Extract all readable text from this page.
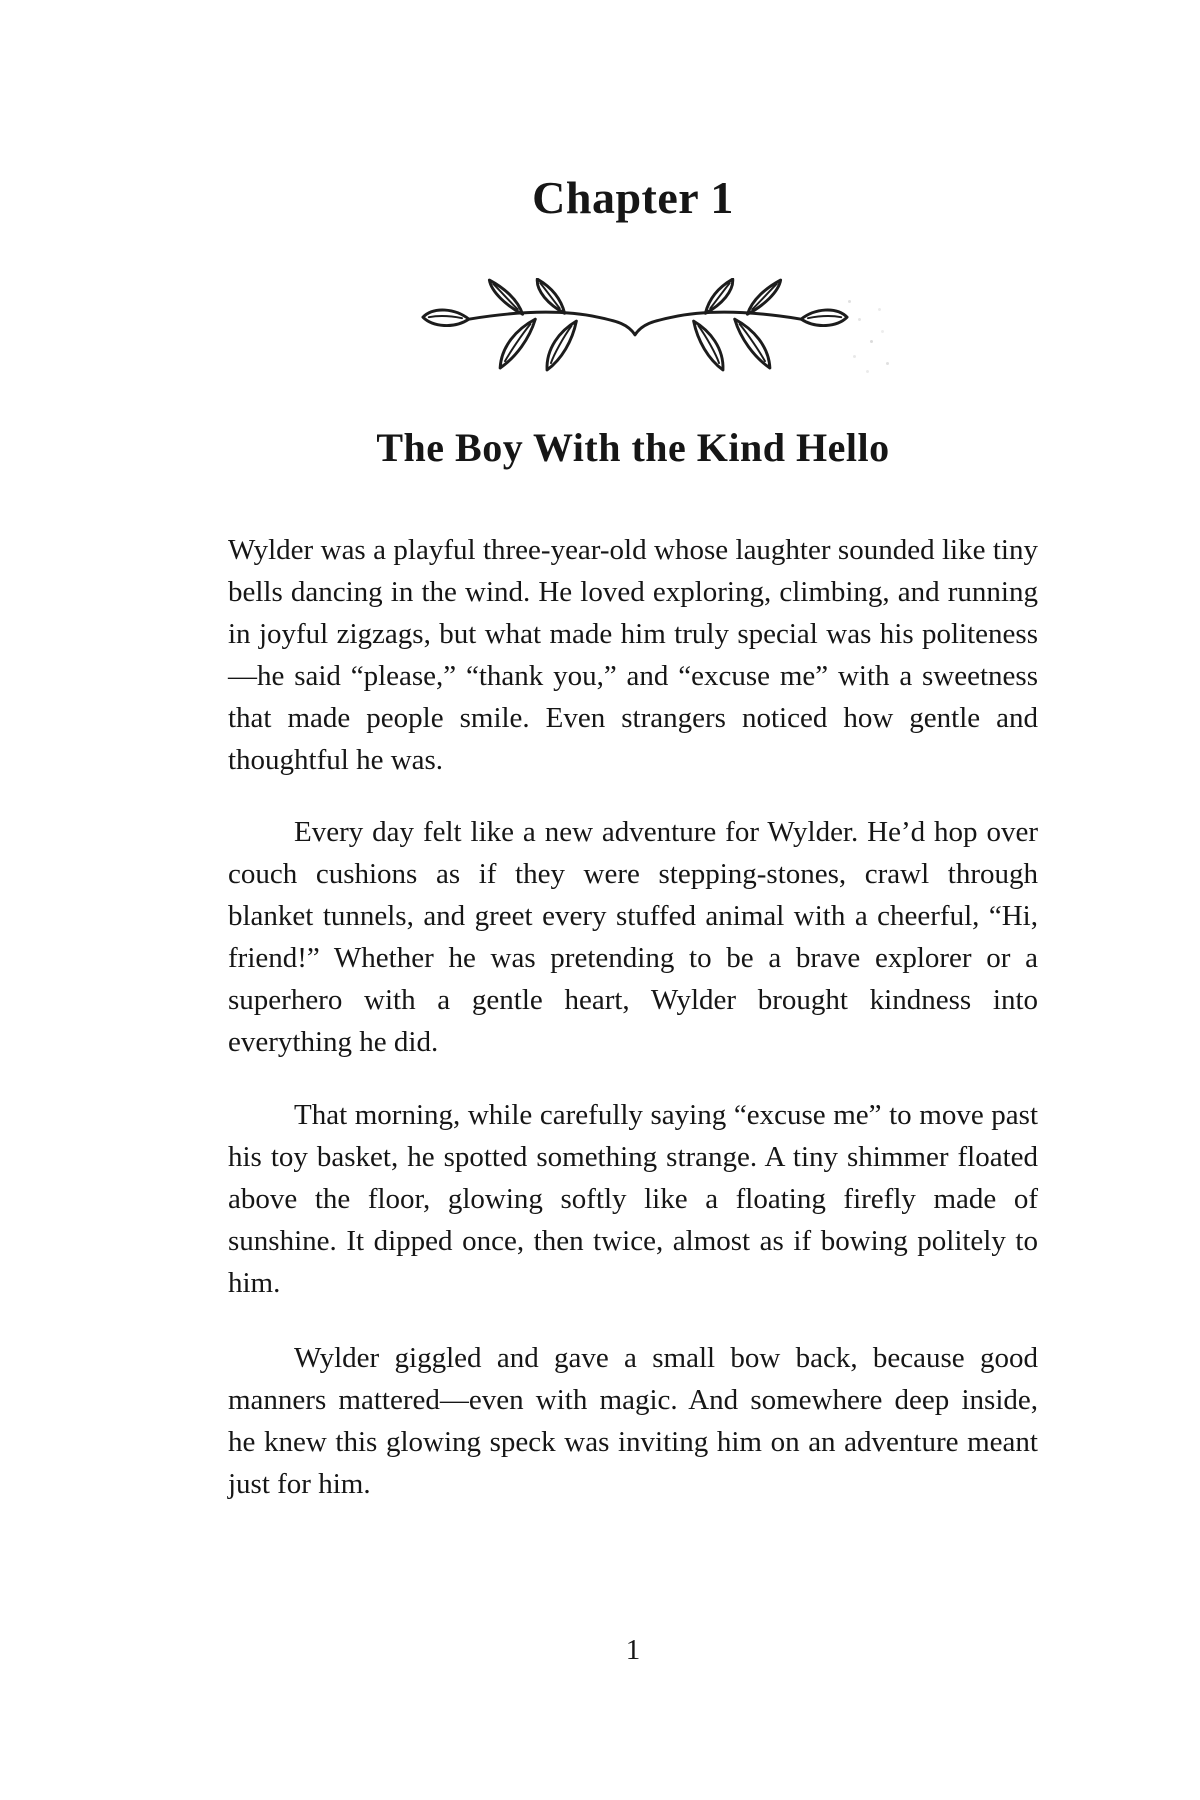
Chapter 1
The Boy With the Kind Hello

Wylder was a playful three-year-old whose laughter sounded like tiny bells dancing in the wind. He loved exploring, climbing, and running in joyful zigzags, but what made him truly special was his politeness—he said “please,” “thank you,” and “excuse me” with a sweetness that made people smile. Even strangers noticed how gentle and thoughtful he was.

Every day felt like a new adventure for Wylder. He’d hop over couch cushions as if they were stepping-stones, crawl through blanket tunnels, and greet every stuffed animal with a cheerful, “Hi, friend!” Whether he was pretending to be a brave explorer or a superhero with a gentle heart, Wylder brought kindness into everything he did.

That morning, while carefully saying “excuse me” to move past his toy basket, he spotted something strange. A tiny shimmer floated above the floor, glowing softly like a floating firefly made of sunshine. It dipped once, then twice, almost as if bowing politely to him.

Wylder giggled and gave a small bow back, because good manners mattered—even with magic. And somewhere deep inside, he knew this glowing speck was inviting him on an adventure meant just for him.

1
